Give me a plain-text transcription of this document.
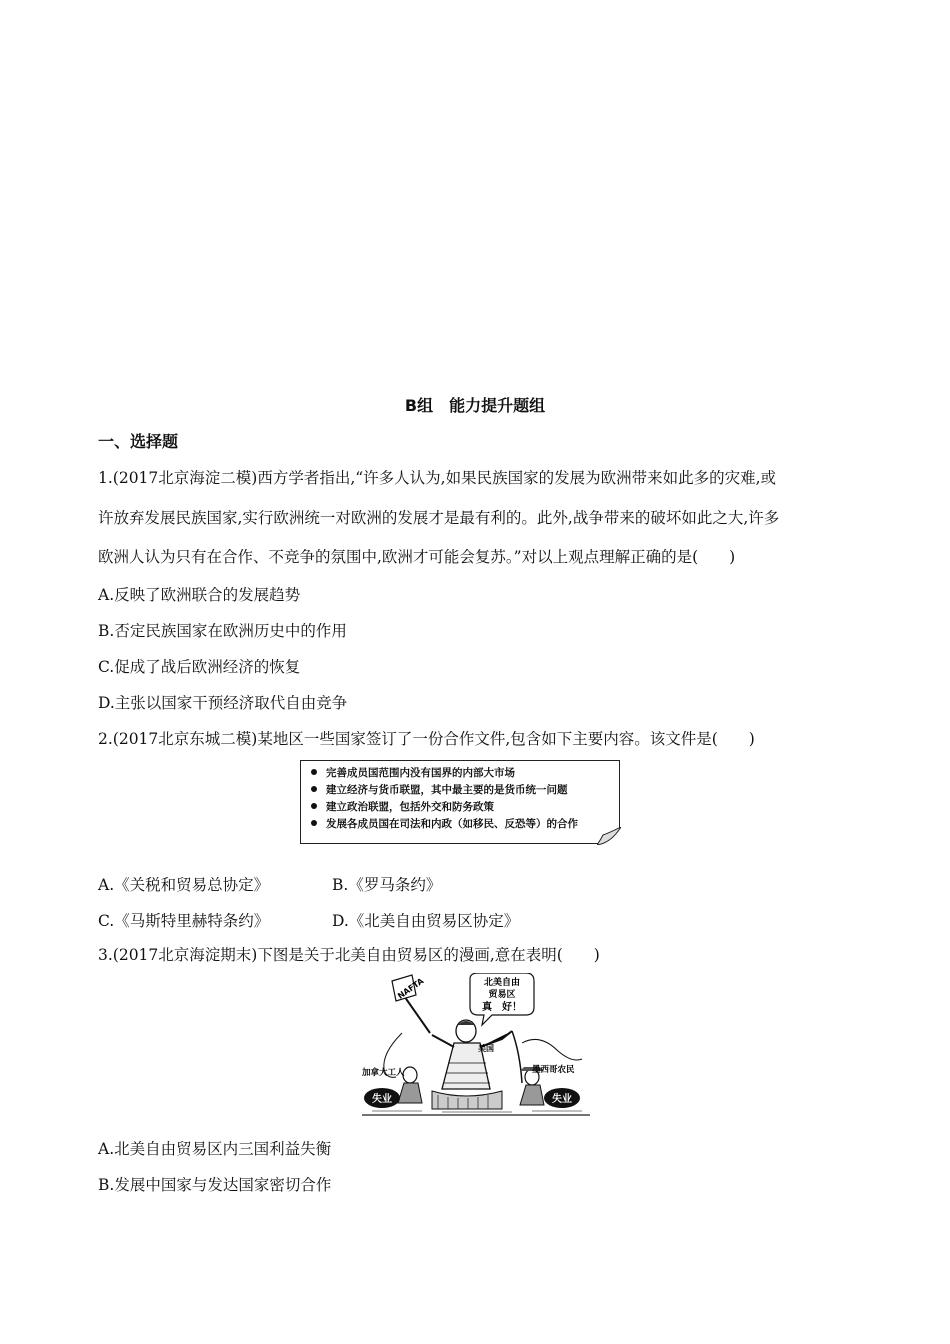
B组　能力提升题组
一、选择题
1.(2017北京海淀二模)西方学者指出,“许多人认为,如果民族国家的发展为欧洲带来如此多的灾难,或
许放弃发展民族国家,实行欧洲统一对欧洲的发展才是最有利的。此外,战争带来的破坏如此之大,许多
欧洲人认为只有在合作、不竞争的氛围中,欧洲才可能会复苏。”对以上观点理解正确的是(　　)
A.反映了欧洲联合的发展趋势
B.否定民族国家在欧洲历史中的作用
C.促成了战后欧洲经济的恢复
D.主张以国家干预经济取代自由竞争
2.(2017北京东城二模)某地区一些国家签订了一份合作文件,包含如下主要内容。该文件是(　　)
完善成员国范围内没有国界的内部大市场
建立经济与货币联盟，其中最主要的是货币统一问题
建立政治联盟，包括外交和防务政策
发展各成员国在司法和内政（如移民、反恐等）的合作
A.《关税和贸易总协定》	B.《罗马条约》
C.《马斯特里赫特条约》	D.《北美自由贸易区协定》
3.(2017北京海淀期末)下图是关于北美自由贸易区的漫画,意在表明(　　)
NAFTA	北美自由
贸易区
真　好！
美国
加拿大工人
失业
墨西哥农民
失业
A.北美自由贸易区内三国利益失衡
B.发展中国家与发达国家密切合作
